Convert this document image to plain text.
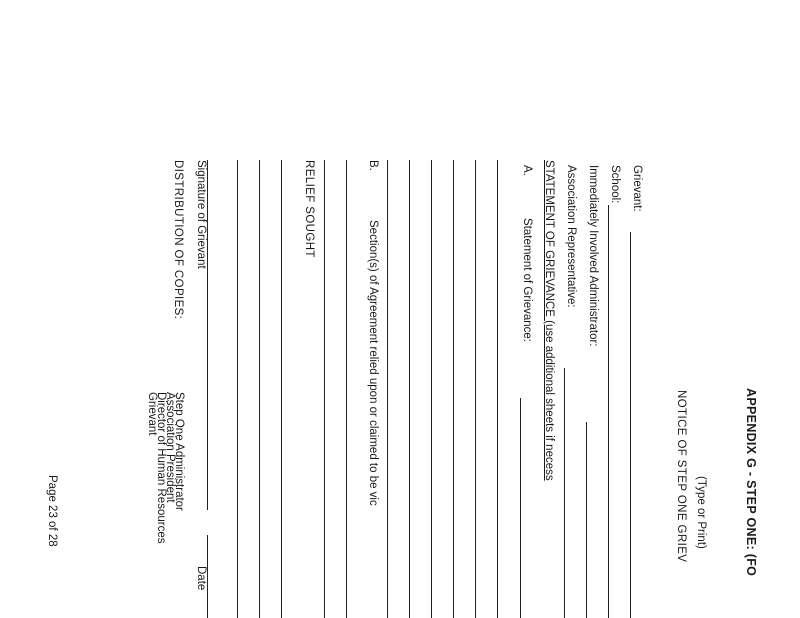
APPENDIX G - STEP ONE: (FO
(Type or Print)
NOTICE OF STEP ONE GRIEV
Grievant:
School:
Immediately Involved Administrator:
Association Representative:
STATEMENT OF GRIEVANCE (use additional sheets if necess
A.
Statement of Grievance:
B.
Section(s) of Agreement relied upon or claimed to be vic
RELIEF SOUGHT
Signature of Grievant
Date
DISTRIBUTION OF COPIES:
Step One Administrator
Association President
Director of Human Resources
Grievant
Page 23 of 28
